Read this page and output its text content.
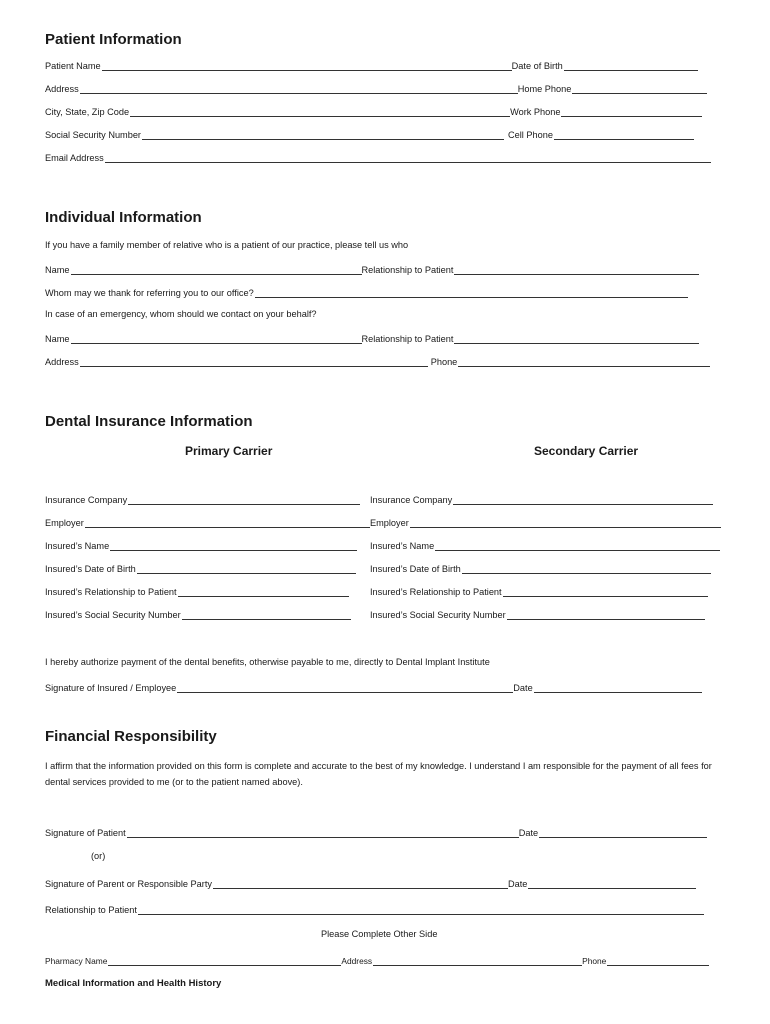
Patient Information
Patient Name	Date of Birth
Address	Home Phone
City, State, Zip Code	Work Phone
Social Security Number	Cell Phone
Email Address
Individual Information
If you have a family member of relative who is a patient of our practice, please tell us who
Name	Relationship to Patient
Whom may we thank for referring you to our office?
In case of an emergency, whom should we contact on your behalf?
Name	Relationship to Patient
Address	Phone
Dental Insurance Information
Primary Carrier	Secondary Carrier
Insurance Company	Insurance Company
Employer	Employer
Insured’s Name	Insured’s Name
Insured’s Date of Birth	Insured’s Date of Birth
Insured’s Relationship to Patient	Insured’s Relationship to Patient
Insured’s Social Security Number	Insured’s Social Security Number
I hereby authorize payment of the dental benefits, otherwise payable to me, directly to Dental Implant Institute
Signature of Insured / Employee	Date
Financial Responsibility
I affirm that the information provided on this form is complete and accurate to the best of my knowledge. I understand I am responsible for the payment of all fees for dental services provided to me (or to the patient named above).
Signature of Patient	Date
(or)
Signature of Parent or Responsible Party	Date
Relationship to Patient
Please Complete Other Side
Pharmacy Name	Address	Phone
Medical Information and Health History
